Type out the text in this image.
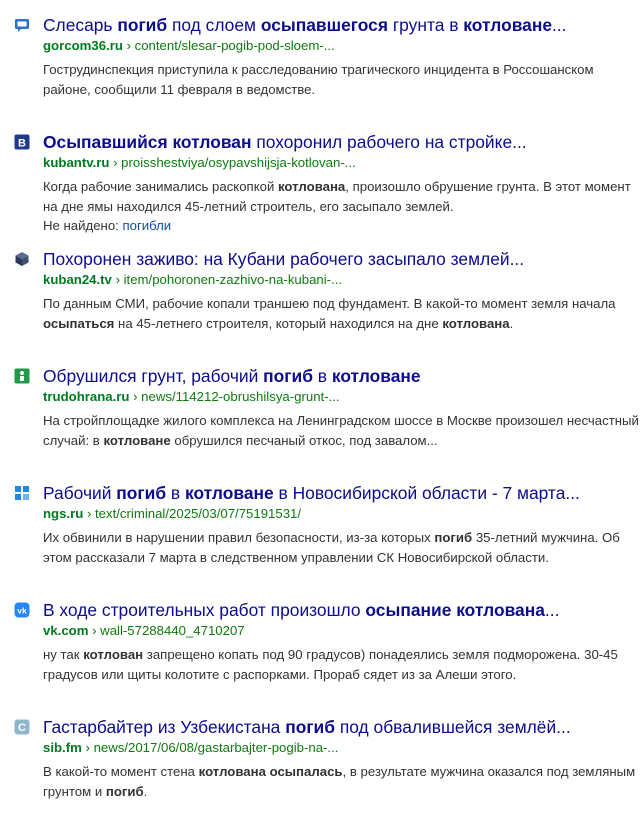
Слесарь погиб под слоем осыпавшегося грунта в котловане...
gorcom36.ru › content/slesar-pogib-pod-sloem-...
Гострудинспекция приступила к расследованию трагического инцидента в Россошанском районе, сообщили 11 февраля в ведомстве.
B Осыпавшийся котлован похоронил рабочего на стройке...
kubantv.ru › proisshestviya/osypavshijsja-kotlovan-...
Когда рабочие занимались раскопкой котлована, произошло обрушение грунта. В этот момент на дне ямы находился 45-летний строитель, его засыпало землей.
Не найдено: погибли
Похоронен заживо: на Кубани рабочего засыпало землей...
kuban24.tv › item/pohoronen-zazhivo-na-kubani-...
По данным СМИ, рабочие копали траншею под фундамент. В какой-то момент земля начала осыпаться на 45-летнего строителя, который находился на дне котлована.
Обрушился грунт, рабочий погиб в котловане
trudohrana.ru › news/114212-obrushilsya-grunt-...
На стройплощадке жилого комплекса на Ленинградском шоссе в Москве произошел несчастный случай: в котловане обрушился песчаный откос, под завалом...
Рабочий погиб в котловане в Новосибирской области - 7 марта...
ngs.ru › text/criminal/2025/03/07/75191531/
Их обвинили в нарушении правил безопасности, из-за которых погиб 35-летний мужчина. Об этом рассказали 7 марта в следственном управлении СК Новосибирской области.
vk В ходе строительных работ произошло осыпание котлована...
vk.com › wall-57288440_4710207
ну так котлован запрещено копать под 90 градусов) понадеялись земля подморожена. 30-45 градусов или щиты колотите с распорками. Прораб сядет из за Алеши этого.
C Гастарбайтер из Узбекистана погиб под обвалившейся землёй...
sib.fm › news/2017/06/08/gastarbajter-pogib-na-...
В какой-то момент стена котлована осыпалась, в результате мужчина оказался под земляным грунтом и погиб.
